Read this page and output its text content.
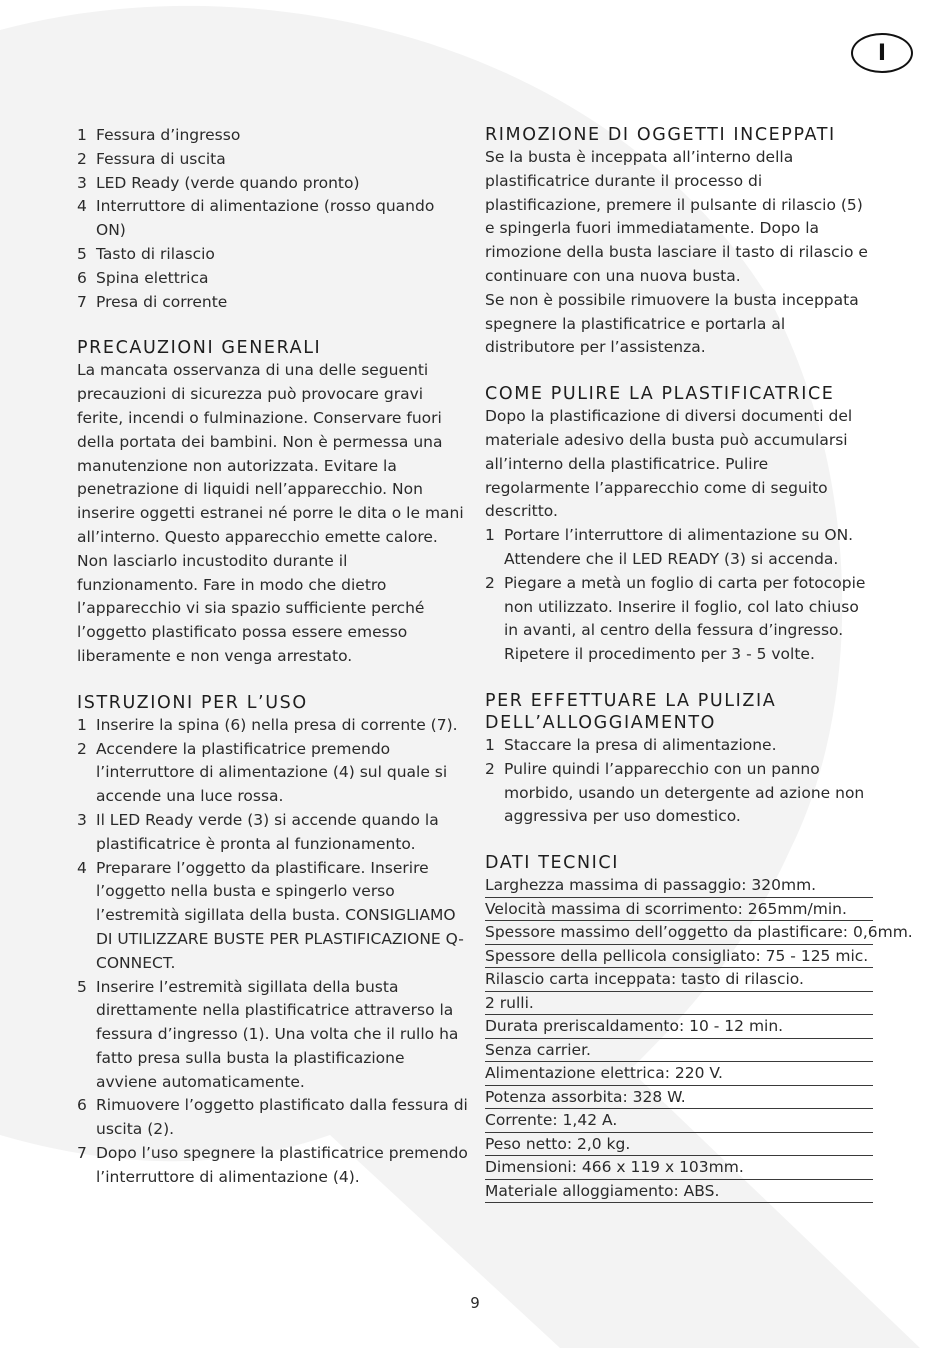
I
1 Fessura d’ingresso
2 Fessura di uscita
3 LED Ready (verde quando pronto)
4 Interruttore di alimentazione (rosso quando ON)
5 Tasto di rilascio
6 Spina elettrica
7 Presa di corrente
PRECAUZIONI GENERALI

La mancata osservanza di una delle seguenti precauzioni di sicurezza può provocare gravi ferite, incendi o fulminazione. Conservare fuori della portata dei bambini. Non è permessa una manutenzione non autorizzata. Evitare la penetrazione di liquidi nell’apparecchio. Non inserire oggetti estranei né porre le dita o le mani all’interno. Questo apparecchio emette calore. Non lasciarlo incustodito durante il funzionamento. Fare in modo che dietro l’apparecchio vi sia spazio sufficiente perché l’oggetto plastificato possa essere emesso liberamente e non venga arrestato.

ISTRUZIONI PER L’USO
1 Inserire la spina (6) nella presa di corrente (7).
2 Accendere la plastificatrice premendo l’interruttore di alimentazione (4) sul quale si accende una luce rossa.
3 Il LED Ready verde (3) si accende quando la plastificatrice è pronta al funzionamento.
4 Preparare l’oggetto da plastificare. Inserire l’oggetto nella busta e spingerlo verso l’estremità sigillata della busta. CONSIGLIAMO DI UTILIZZARE BUSTE PER PLASTIFICAZIONE Q-CONNECT.
5 Inserire l’estremità sigillata della busta direttamente nella plastificatrice attraverso la fessura d’ingresso (1). Una volta che il rullo ha fatto presa sulla busta la plastificazione avviene automaticamente.
6 Rimuovere l’oggetto plastificato dalla fessura di uscita (2).
7 Dopo l’uso spegnere la plastificatrice premendo l’interruttore di alimentazione (4).
RIMOZIONE DI OGGETTI INCEPPATI

Se la busta è inceppata all’interno della plastificatrice durante il processo di plastificazione, premere il pulsante di rilascio (5) e spingerla fuori immediatamente. Dopo la rimozione della busta lasciare il tasto di rilascio e continuare con una nuova busta.

Se non è possibile rimuovere la busta inceppata spegnere la plastificatrice e portarla al distributore per l’assistenza.

COME PULIRE LA PLASTIFICATRICE

Dopo la plastificazione di diversi documenti del materiale adesivo della busta può accumularsi all’interno della plastificatrice. Pulire regolarmente l’apparecchio come di seguito descritto.

1 Portare l’interruttore di alimentazione su ON. Attendere che il LED READY (3) si accenda.
2 Piegare a metà un foglio di carta per fotocopie non utilizzato. Inserire il foglio, col lato chiuso in avanti, al centro della fessura d’ingresso. Ripetere il procedimento per 3 - 5 volte.
PER EFFETTUARE LA PULIZIA
DELL’ALLOGGIAMENTO
1 Staccare la presa di alimentazione.
2 Pulire quindi l’apparecchio con un panno morbido, usando un detergente ad azione non aggressiva per uso domestico.
DATI TECNICI
Larghezza massima di passaggio: 320mm.
Velocità massima di scorrimento: 265mm/min.
Spessore massimo dell’oggetto da plastificare: 0,6mm.
Spessore della pellicola consigliato: 75 - 125 mic.
Rilascio carta inceppata: tasto di rilascio.
2 rulli.
Durata preriscaldamento: 10 - 12 min.
Senza carrier.
Alimentazione elettrica: 220 V.
Potenza assorbita: 328 W.
Corrente: 1,42 A.
Peso netto: 2,0 kg.
Dimensioni: 466 x 119 x 103mm.
Materiale alloggiamento: ABS.
9
